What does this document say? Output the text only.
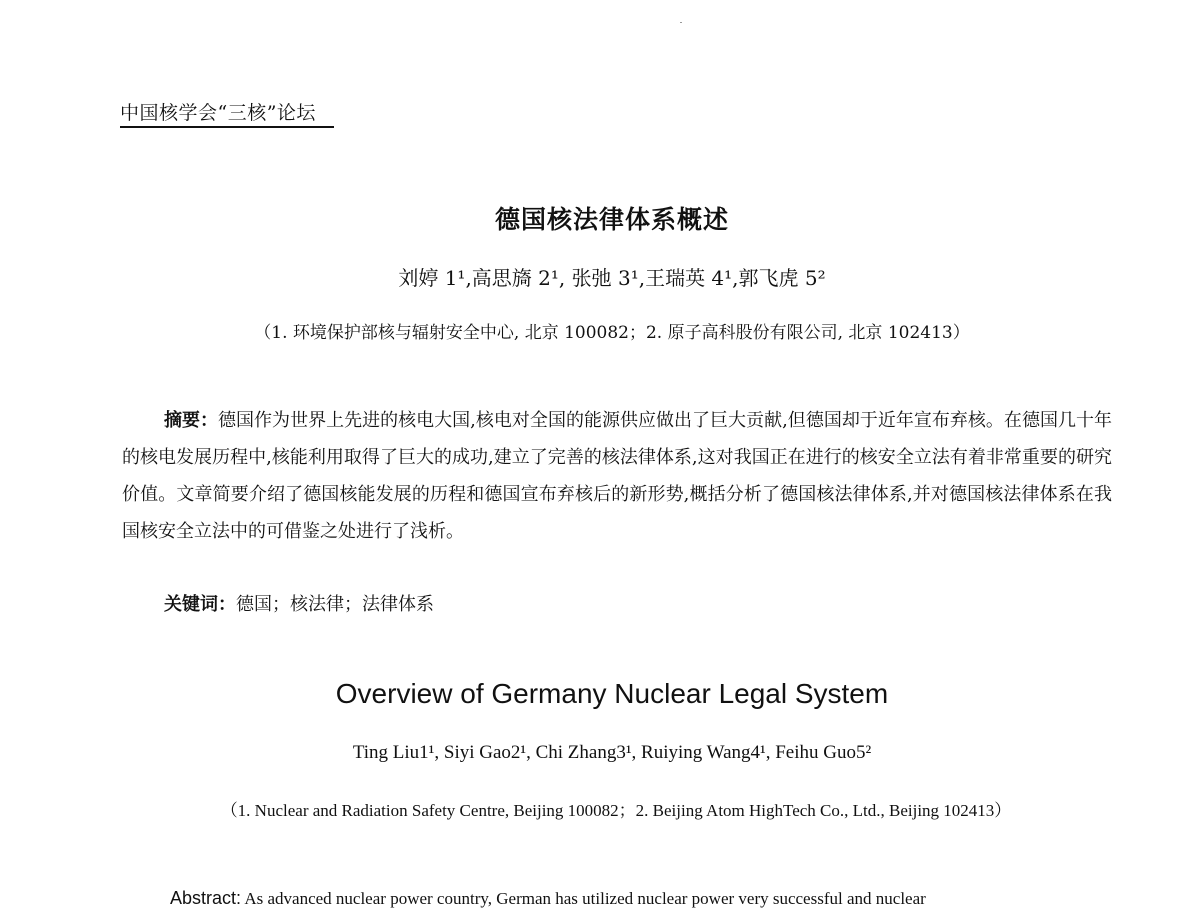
中国核学会“三核”论坛
德国核法律体系概述
刘婷 1¹,高思旖 2¹, 张弛 3¹,王瑞英 4¹,郭飞虎 5²
（1. 环境保护部核与辐射安全中心, 北京 100082；2. 原子高科股份有限公司, 北京 102413）
摘要：德国作为世界上先进的核电大国,核电对全国的能源供应做出了巨大贡献,但德国却于近年宣布弃核。在德国几十年的核电发展历程中,核能利用取得了巨大的成功,建立了完善的核法律体系,这对我国正在进行的核安全立法有着非常重要的研究价值。文章简要介绍了德国核能发展的历程和德国宣布弃核后的新形势,概括分析了德国核法律体系,并对德国核法律体系在我国核安全立法中的可借鉴之处进行了浅析。
关键词：德国；核法律；法律体系
Overview of Germany Nuclear Legal System
Ting Liu1¹, Siyi Gao2¹, Chi Zhang3¹, Ruiying Wang4¹, Feihu Guo5²
（1. Nuclear and Radiation Safety Centre, Beijing 100082；2. Beijing Atom HighTech Co., Ltd., Beijing 102413）
Abstract: As advanced nuclear power country, German has utilized nuclear power very successful and nuclear
